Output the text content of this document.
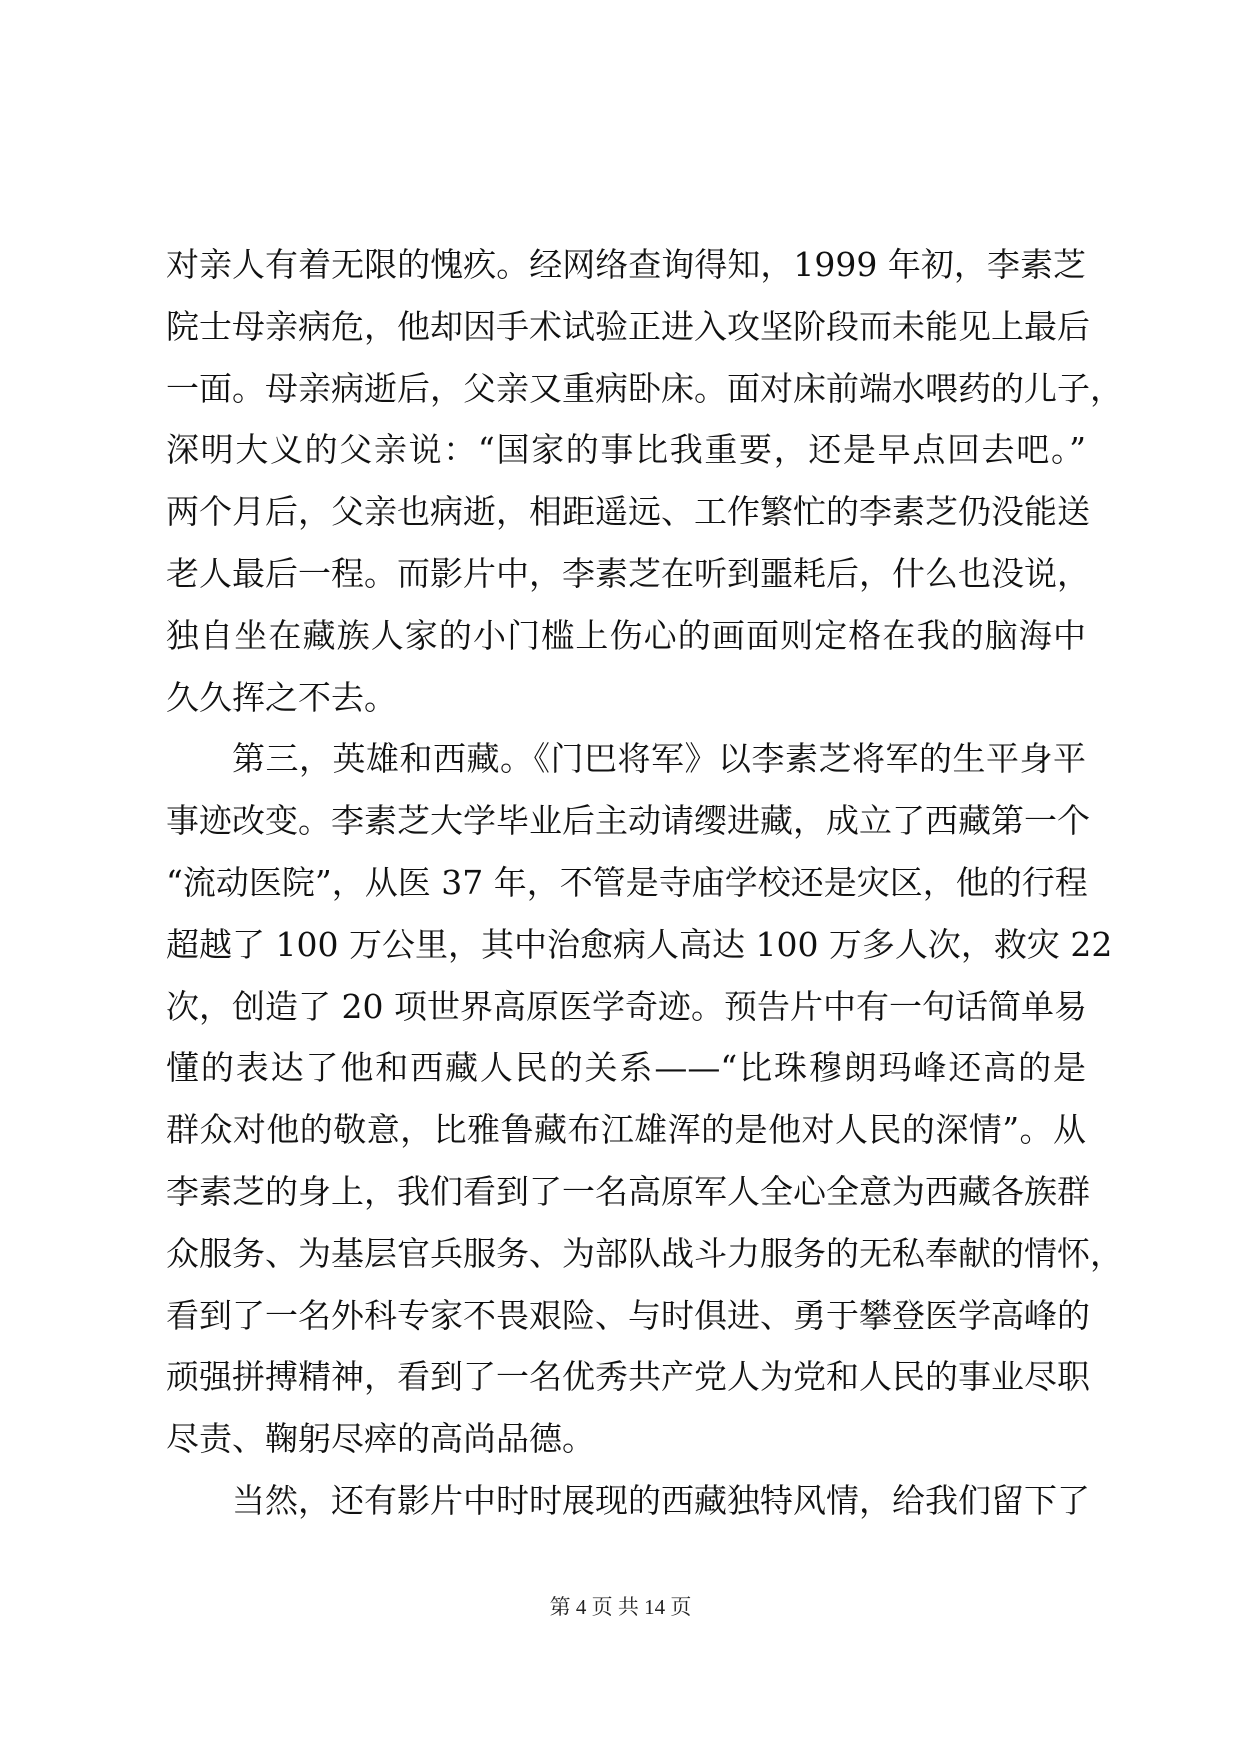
对亲人有着无限的愧疚。经网络查询得知，1999 年初，李素芝
院士母亲病危，他却因手术试验正进入攻坚阶段而未能见上最后
一面。母亲病逝后，父亲又重病卧床。面对床前端水喂药的儿子，
深明大义的父亲说：“国家的事比我重要，还是早点回去吧。”
两个月后，父亲也病逝，相距遥远、工作繁忙的李素芝仍没能送
老人最后一程。而影片中，李素芝在听到噩耗后，什么也没说，
独自坐在藏族人家的小门槛上伤心的画面则定格在我的脑海中
久久挥之不去。
第三，英雄和西藏。《门巴将军》以李素芝将军的生平身平
事迹改变。李素芝大学毕业后主动请缨进藏，成立了西藏第一个
“流动医院”，从医 37 年，不管是寺庙学校还是灾区，他的行程
超越了 100 万公里，其中治愈病人高达 100 万多人次，救灾 22
次，创造了 20 项世界高原医学奇迹。预告片中有一句话简单易
懂的表达了他和西藏人民的关系——“比珠穆朗玛峰还高的是
群众对他的敬意，比雅鲁藏布江雄浑的是他对人民的深情”。从
李素芝的身上，我们看到了一名高原军人全心全意为西藏各族群
众服务、为基层官兵服务、为部队战斗力服务的无私奉献的情怀，
看到了一名外科专家不畏艰险、与时俱进、勇于攀登医学高峰的
顽强拼搏精神，看到了一名优秀共产党人为党和人民的事业尽职
尽责、鞠躬尽瘁的高尚品德。
当然，还有影片中时时展现的西藏独特风情，给我们留下了
第 4 页 共 14 页
